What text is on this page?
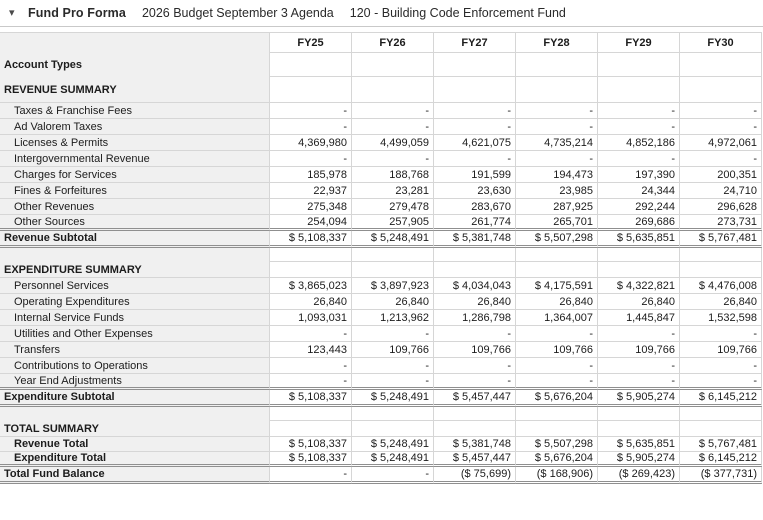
▾	Fund Pro Forma 2026 Budget September 3 Agenda 120 - Building Code Enforcement Fund
	FY25	FY26	FY27	FY28	FY29	FY30
Account Types						
REVENUE SUMMARY						
Taxes & Franchise Fees	-	-	-	-	-	-
Ad Valorem Taxes	-	-	-	-	-	-
Licenses & Permits	4,369,980	4,499,059	4,621,075	4,735,214	4,852,186	4,972,061
Intergovernmental Revenue	-	-	-	-	-	-
Charges for Services	185,978	188,768	191,599	194,473	197,390	200,351
Fines & Forfeitures	22,937	23,281	23,630	23,985	24,344	24,710
Other Revenues	275,348	279,478	283,670	287,925	292,244	296,628
Other Sources	254,094	257,905	261,774	265,701	269,686	273,731
Revenue Subtotal	$ 5,108,337	$ 5,248,491	$ 5,381,748	$ 5,507,298	$ 5,635,851	$ 5,767,481

EXPENDITURE SUMMARY						
Personnel Services	$ 3,865,023	$ 3,897,923	$ 4,034,043	$ 4,175,591	$ 4,322,821	$ 4,476,008
Operating Expenditures	26,840	26,840	26,840	26,840	26,840	26,840
Internal Service Funds	1,093,031	1,213,962	1,286,798	1,364,007	1,445,847	1,532,598
Utilities and Other Expenses	-	-	-	-	-	-
Transfers	123,443	109,766	109,766	109,766	109,766	109,766
Contributions to Operations	-	-	-	-	-	-
Year End Adjustments	-	-	-	-	-	-
Expenditure Subtotal	$ 5,108,337	$ 5,248,491	$ 5,457,447	$ 5,676,204	$ 5,905,274	$ 6,145,212

TOTAL SUMMARY						
Revenue Total	$ 5,108,337	$ 5,248,491	$ 5,381,748	$ 5,507,298	$ 5,635,851	$ 5,767,481
Expenditure Total	$ 5,108,337	$ 5,248,491	$ 5,457,447	$ 5,676,204	$ 5,905,274	$ 6,145,212
Total Fund Balance	-	-	($ 75,699)	($ 168,906)	($ 269,423)	($ 377,731)
